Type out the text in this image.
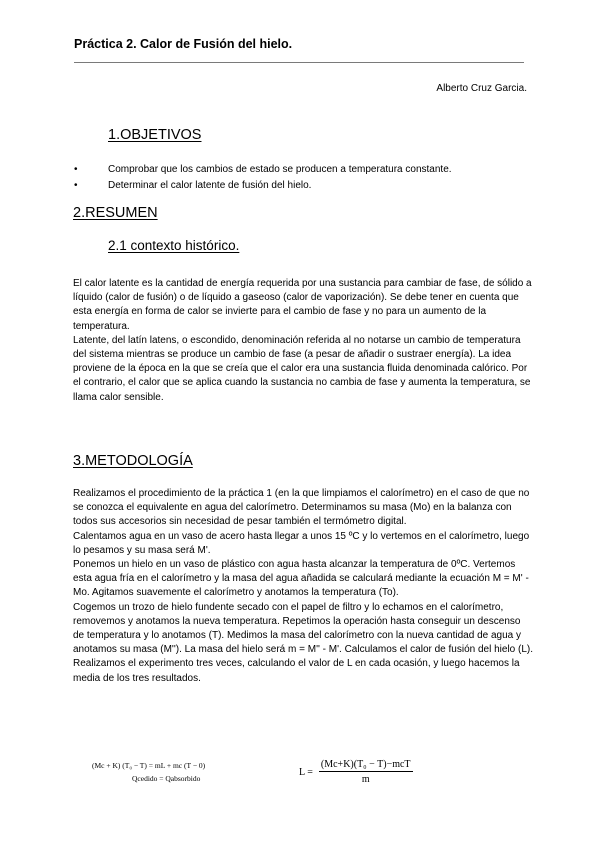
Práctica 2. Calor de Fusión del hielo.
Alberto Cruz Garcia.
1.OBJETIVOS
•	Comprobar que los cambios de estado se producen a temperatura constante.
•	Determinar el calor latente de fusión del hielo.
2.RESUMEN
2.1 contexto histórico.

El calor latente es la cantidad de energía requerida por una sustancia para cambiar de fase, de sólido a líquido (calor de fusión) o de líquido a gaseoso (calor de vaporización). Se debe tener en cuenta que esta energía en forma de calor se invierte para el cambio de fase y no para un aumento de la temperatura.

Latente, del latín latens, o escondido, denominación referida al no notarse un cambio de temperatura del sistema mientras se produce un cambio de fase (a pesar de añadir o sustraer energía). La idea proviene de la época en la que se creía que el calor era una sustancia fluida denominada calórico. Por el contrario, el calor que se aplica cuando la sustancia no cambia de fase y aumenta la temperatura, se llama calor sensible.

3.METODOLOGÍA

Realizamos el procedimiento de la práctica 1 (en la que limpiamos el calorímetro) en el caso de que no se conozca el equivalente en agua del calorímetro. Determinamos su masa (Mo) en la balanza con todos sus accesorios sin necesidad de pesar también el termómetro digital.

Calentamos agua en un vaso de acero hasta llegar a unos 15 ºC y lo vertemos en el calorímetro, luego lo pesamos y su masa será M'.

Ponemos un hielo en un vaso de plástico con agua hasta alcanzar la temperatura de 0ºC. Vertemos esta agua fría en el calorímetro y la masa del agua añadida se calculará mediante la ecuación M = M' - Mo. Agitamos suavemente el calorímetro y anotamos la temperatura (To).

Cogemos un trozo de hielo fundente secado con el papel de filtro y lo echamos en el calorímetro, removemos y anotamos la nueva temperatura. Repetimos la operación hasta conseguir un descenso de temperatura y lo anotamos (T). Medimos la masa del calorímetro con la nueva cantidad de agua y anotamos su masa (M''). La masa del hielo será m = M'' - M'. Calculamos el calor de fusión del hielo (L).

Realizamos el experimento tres veces, calculando el valor de L en cada ocasión, y luego hacemos la media de los tres resultados.

(Mc + K) (T₀ − T) = mL + mc (T − 0)
Qcedido = Qabsorbido
$L = \frac{\text{(Mc+K)(T₀ − T)−mcT}}{m}$
